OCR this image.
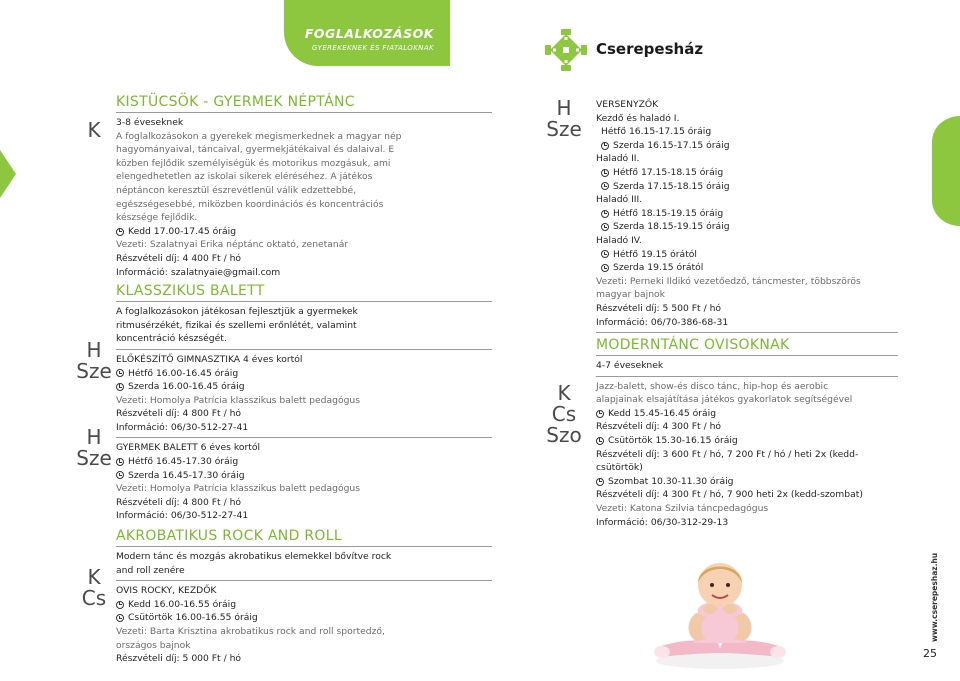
FOGLALKOZÁSOK
GYEREKEKNEK ÉS FIATALOKNAK	Cserepesház
K
H
Sze
H
Sze
K
Cs
KISTÜCSÖK - GYERMEK NÉPTÁNC
3-8 éveseknek
A foglalkozásokon a gyerekek megismerkednek a magyar nép hagyományaival, táncaival, gyermekjátékaival és dalaival. E közben fejlődik személyiségük és motorikus mozgásuk, ami elengedhetetlen az iskolai sikerek eléréséhez. A játékos néptáncon keresztül észrevétlenül válik edzettebbé, egészségesebbé, miközben koordinációs és koncentrációs készsége fejlődik.
Kedd 17.00-17.45 óráig
Vezeti: Szalatnyai Erika néptánc oktató, zenetanár
Részvételi díj: 4 400 Ft / hó
Információ: szalatnyaie@gmail.com
KLASSZIKUS BALETT
A foglalkozásokon játékosan fejlesztjük a gyermekek ritmusérzékét, fizikai és szellemi erőnlétét, valamint koncentráció készségét.
ELŐKÉSZÍTŐ GIMNASZTIKA 4 éves kortól
Hétfő 16.00-16.45 óráig
Szerda 16.00-16.45 óráig
Vezeti: Homolya Patrícia klasszikus balett pedagógus
Részvételi díj: 4 800 Ft / hó
Információ: 06/30-512-27-41
GYERMEK BALETT 6 éves kortól
Hétfő 16.45-17.30 óráig
Szerda 16.45-17.30 óráig
Vezeti: Homolya Patrícia klasszikus balett pedagógus
Részvételi díj: 4 800 Ft / hó
Információ: 06/30-512-27-41
AKROBATIKUS ROCK AND ROLL
Modern tánc és mozgás akrobatikus elemekkel bővítve rock and roll zenére
OVIS ROCKY, KEZDŐK
Kedd 16.00-16.55 óráig
Csütörtök 16.00-16.55 óráig
Vezeti: Barta Krisztina akrobatikus rock and roll sportedző, országos bajnok
Részvételi díj: 5 000 Ft / hó
H
Sze
K
Cs
Szo
VERSENYZŐK
Kezdő és haladó I.
Hétfő 16.15-17.15 óráig
Szerda 16.15-17.15 óráig
Haladó II.
Hétfő 17.15-18.15 óráig
Szerda 17.15-18.15 óráig
Haladó III.
Hétfő 18.15-19.15 óráig
Szerda 18.15-19.15 óráig
Haladó IV.
Hétfő 19.15 órától
Szerda 19.15 órától
Vezeti: Perneki Ildikó vezetőedző, táncmester, többszörös magyar bajnok
Részvételi díj: 5 500 Ft / hó
Információ: 06/70-386-68-31
MODERNTÁNC OVISOKNAK
4-7 éveseknek
Jazz-balett, show-és disco tánc, hip-hop és aerobic alapjainak elsajátítása játékos gyakorlatok segítségével
Kedd 15.45-16.45 óráig
Részvételi díj: 4 300 Ft / hó
Csütörtök 15.30-16.15 óráig
Részvételi díj: 3 600 Ft / hó, 7 200 Ft / hó / heti 2x (kedd-csütörtök)
Szombat 10.30-11.30 óráig
Részvételi díj: 4 300 Ft / hó, 7 900 heti 2x (kedd-szombat)
Vezeti: Katona Szilvia táncpedagógus
Információ: 06/30-312-29-13
www.cserepeshaz.hu
25
